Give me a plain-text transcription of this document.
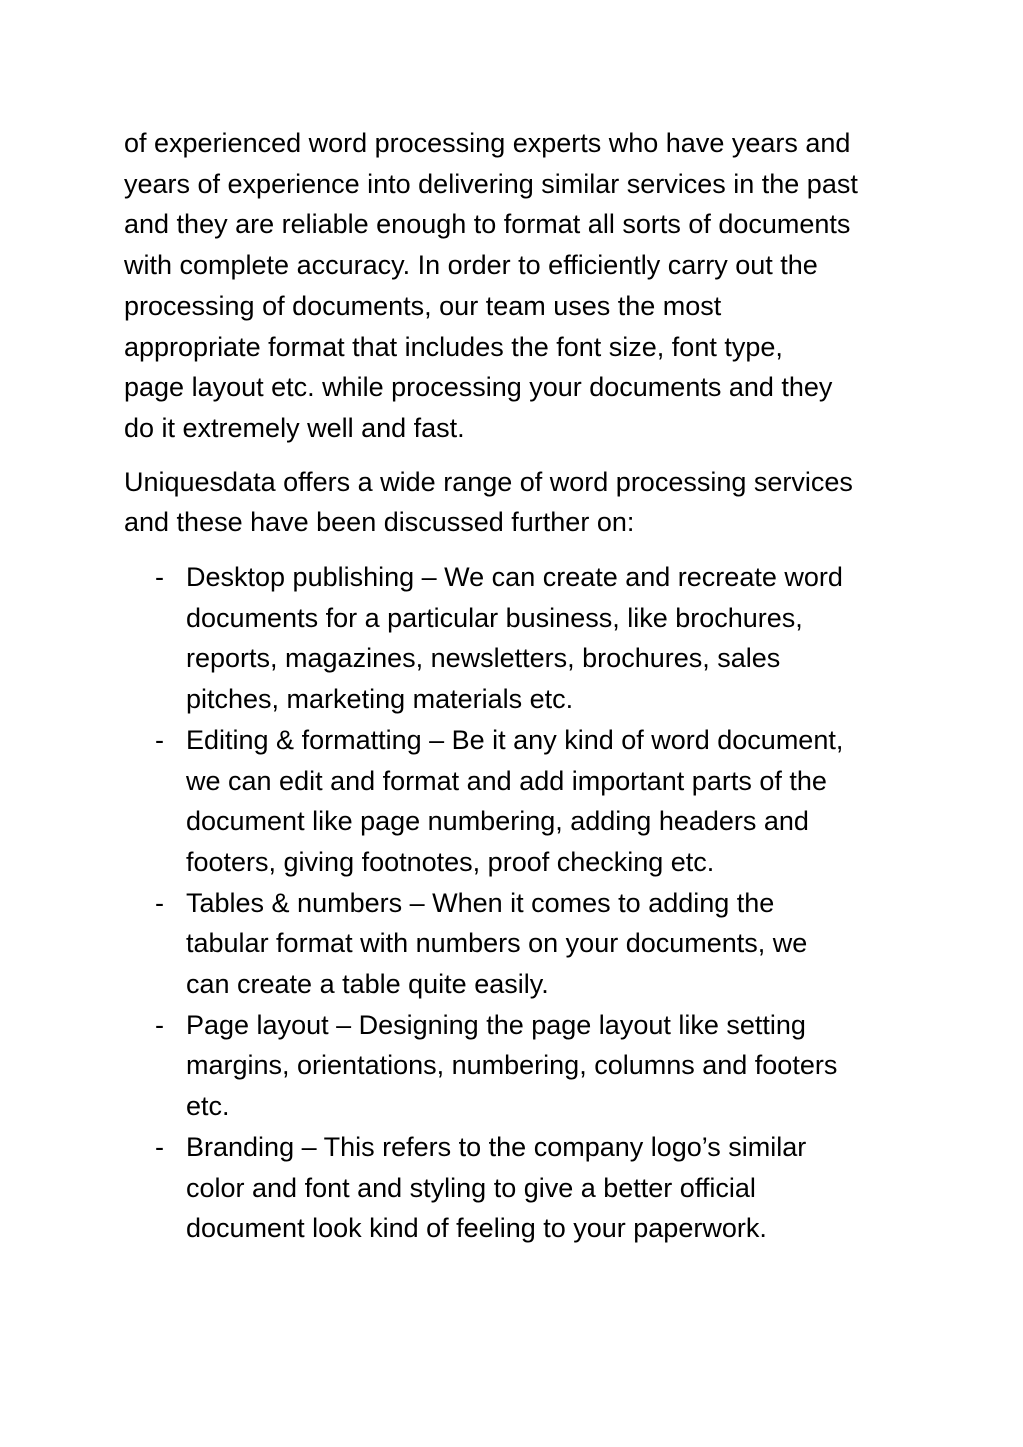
of experienced word processing experts who have years and
years of experience into delivering similar services in the past
and they are reliable enough to format all sorts of documents
with complete accuracy. In order to efficiently carry out the
processing of documents, our team uses the most
appropriate format that includes the font size, font type,
page layout etc. while processing your documents and they
do it extremely well and fast.
Uniquesdata offers a wide range of word processing services
and these have been discussed further on:
- Desktop publishing – We can create and recreate word
documents for a particular business, like brochures,
reports, magazines, newsletters, brochures, sales
pitches, marketing materials etc.
- Editing & formatting – Be it any kind of word document,
we can edit and format and add important parts of the
document like page numbering, adding headers and
footers, giving footnotes, proof checking etc.
- Tables & numbers – When it comes to adding the
tabular format with numbers on your documents, we
can create a table quite easily.
- Page layout – Designing the page layout like setting
margins, orientations, numbering, columns and footers
etc.
- Branding – This refers to the company logo’s similar
color and font and styling to give a better official
document look kind of feeling to your paperwork.
